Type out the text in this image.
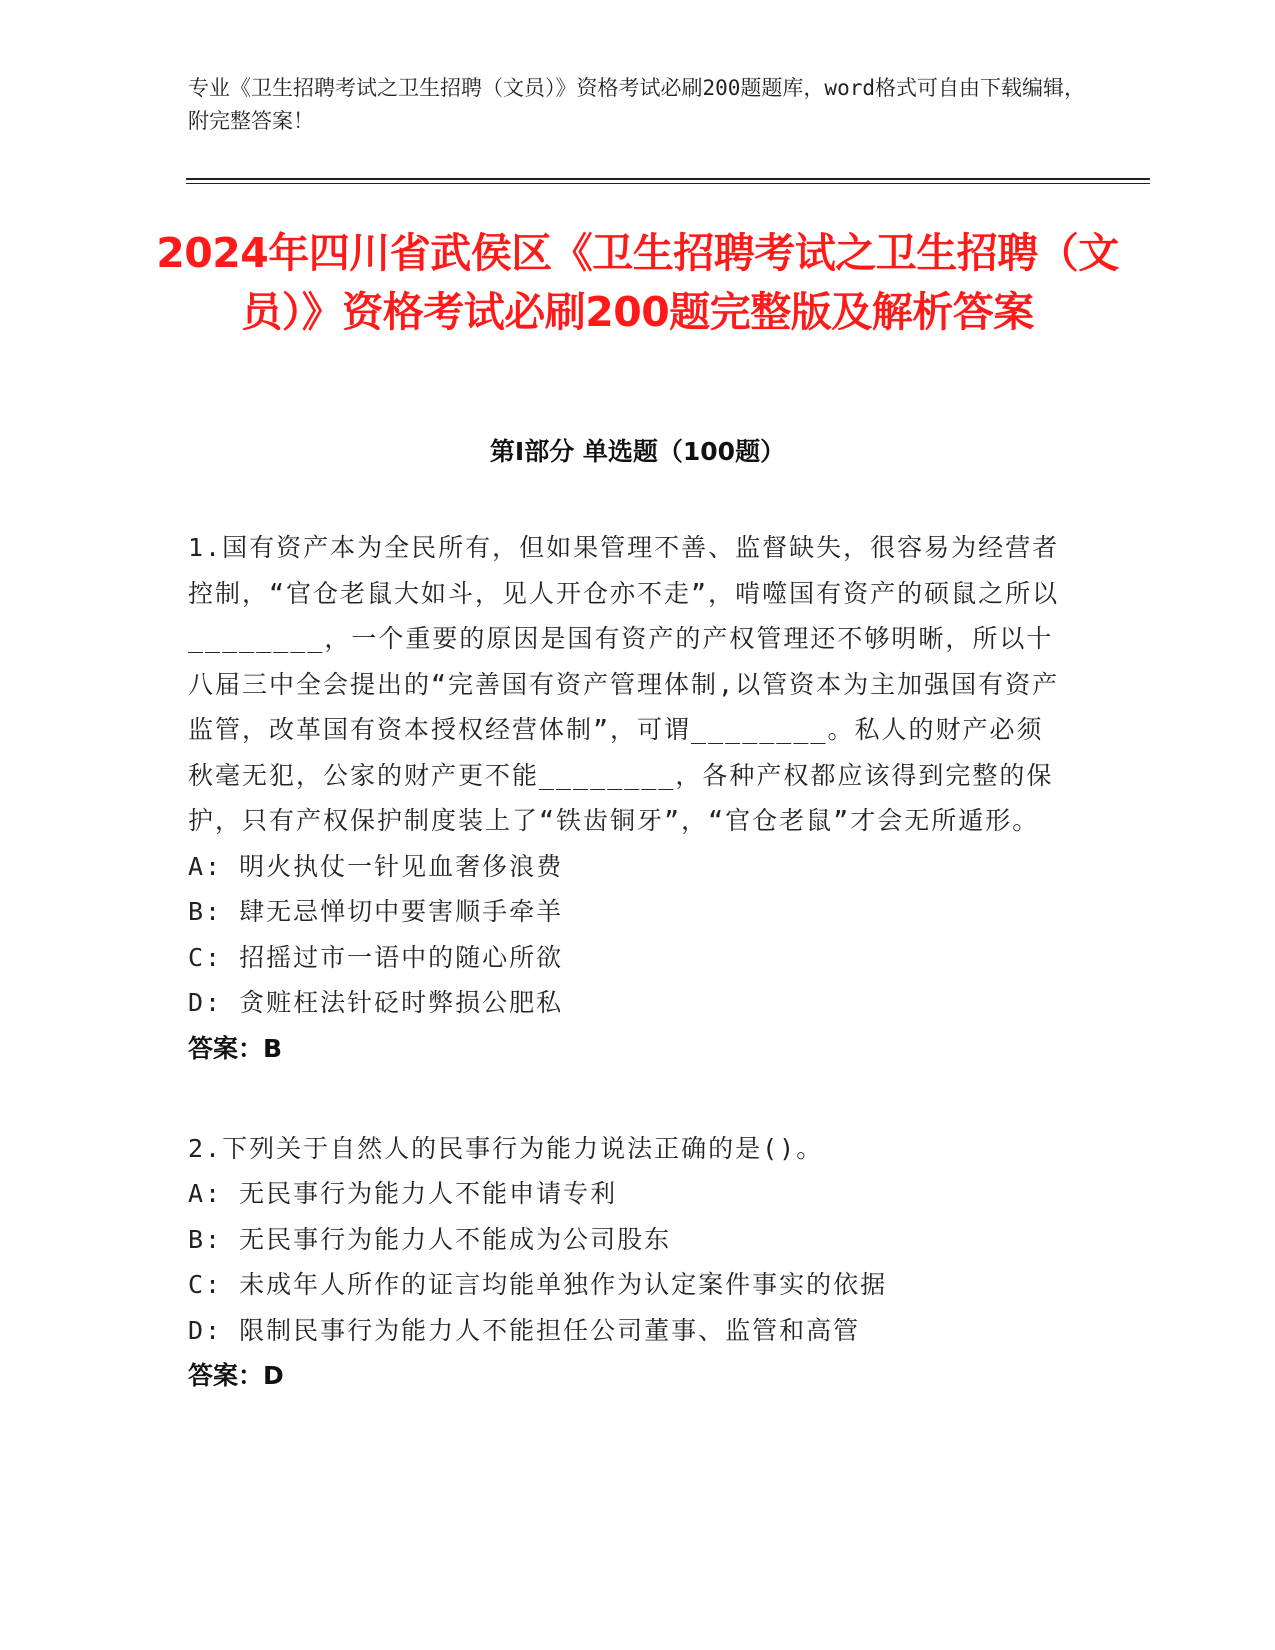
专业《卫生招聘考试之卫生招聘（文员）》资格考试必刷200题题库，word格式可自由下载编辑，附完整答案！
2024年四川省武侯区《卫生招聘考试之卫生招聘（文员）》资格考试必刷200题完整版及解析答案
第Ⅰ部分 单选题（100题）

1.国有资产本为全民所有，但如果管理不善、监督缺失，很容易为经营者控制，“官仓老鼠大如斗，见人开仓亦不走”，啃噬国有资产的硕鼠之所以________，一个重要的原因是国有资产的产权管理还不够明晰，所以十八届三中全会提出的“完善国有资产管理体制,以管资本为主加强国有资产监管，改革国有资本授权经营体制”，可谓________。私人的财产必须秋毫无犯，公家的财产更不能________，各种产权都应该得到完整的保护，只有产权保护制度装上了“铁齿铜牙”，“官仓老鼠”才会无所遁形。

A: 明火执仗一针见血奢侈浪费

B: 肆无忌惮切中要害顺手牵羊

C: 招摇过市一语中的随心所欲

D: 贪赃枉法针砭时弊损公肥私

答案：B

2.下列关于自然人的民事行为能力说法正确的是()。

A: 无民事行为能力人不能申请专利

B: 无民事行为能力人不能成为公司股东

C: 未成年人所作的证言均能单独作为认定案件事实的依据

D: 限制民事行为能力人不能担任公司董事、监管和高管

答案：D
